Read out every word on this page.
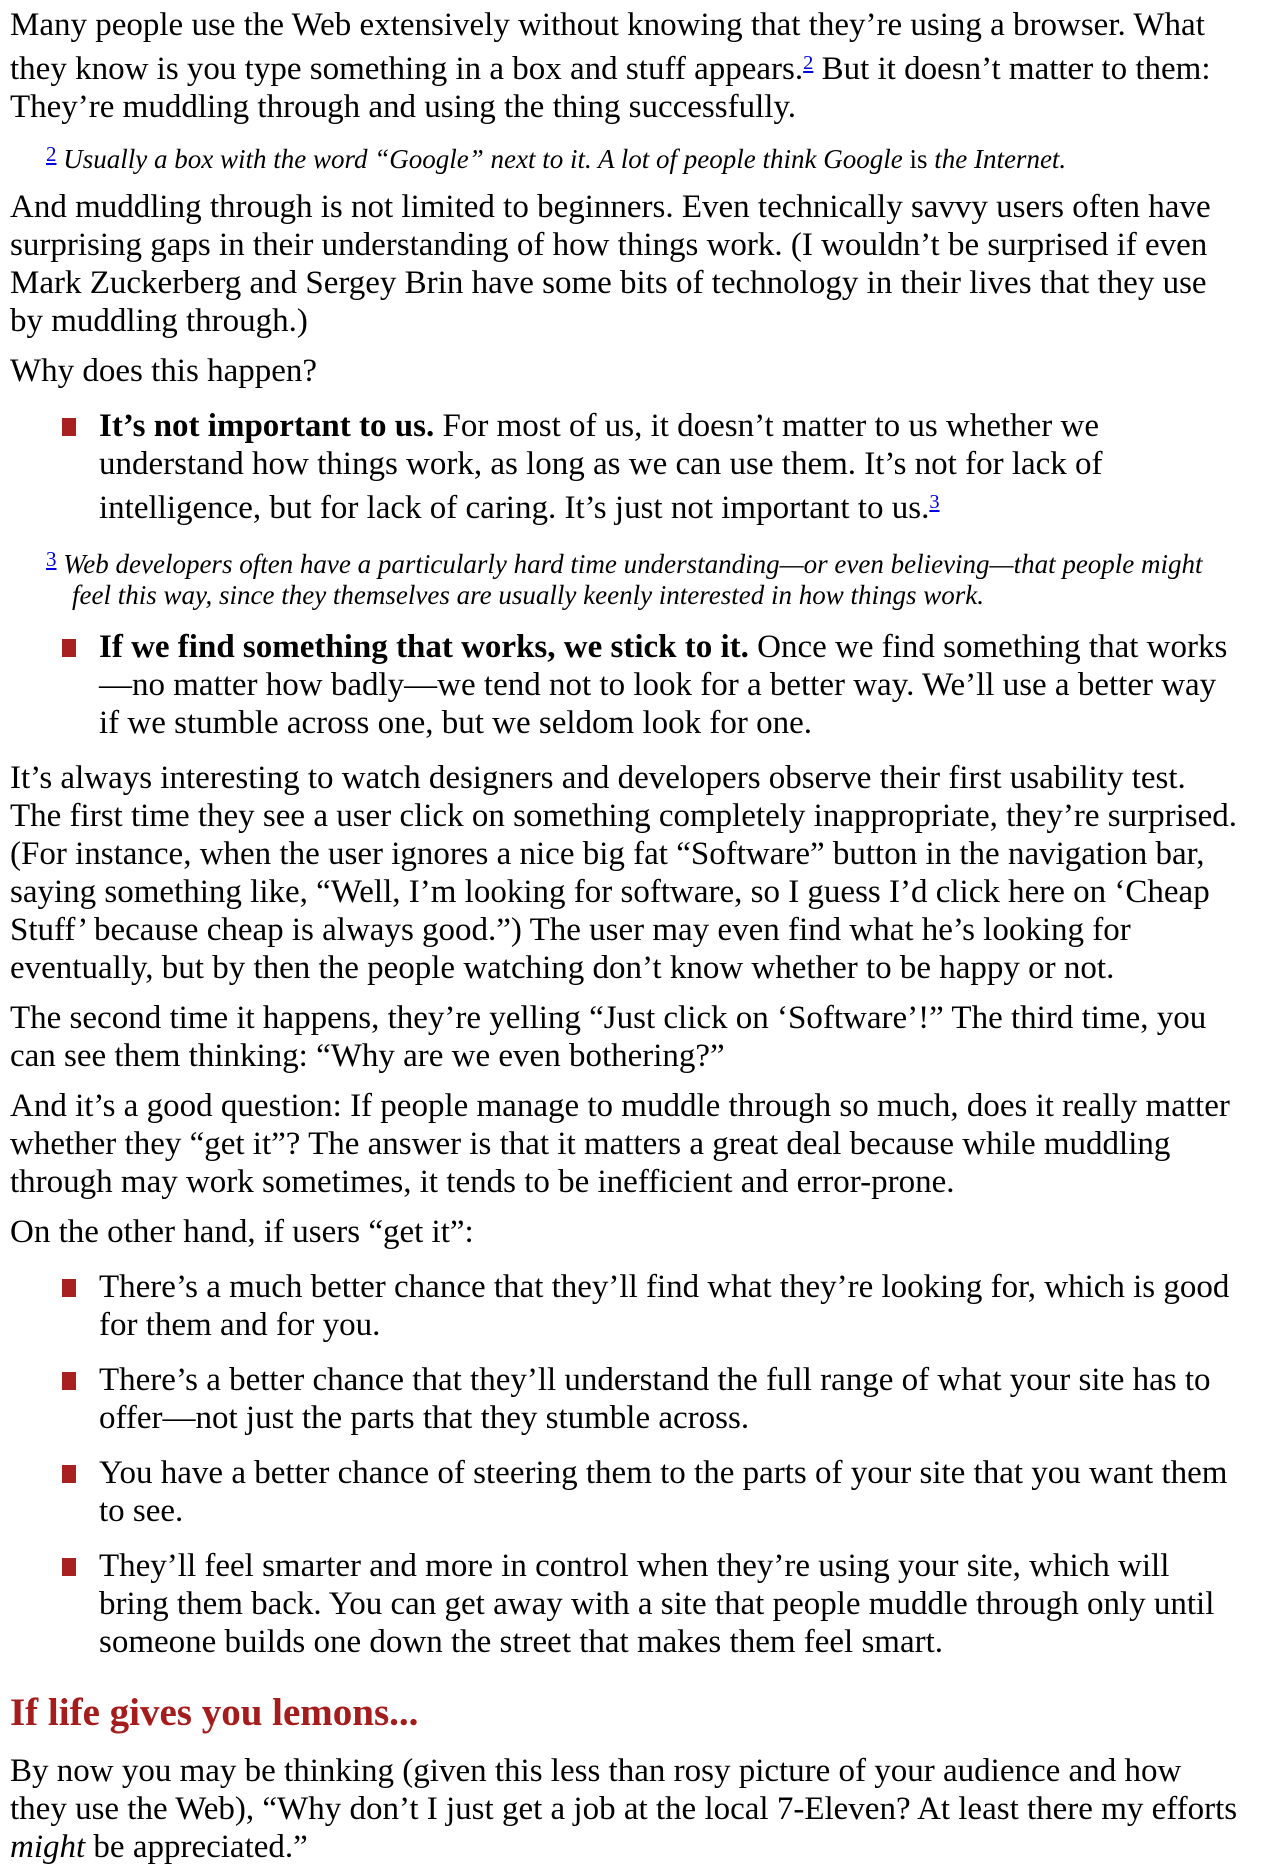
Many people use the Web extensively without knowing that they’re using a browser. What they know is you type something in a box and stuff appears.$^2$ But it doesn’t matter to them: They’re muddling through and using the thing successfully.

$^2$ Usually a box with the word “Google” next to it. A lot of people think Google is the Internet.

And muddling through is not limited to beginners. Even technically savvy users often have surprising gaps in their understanding of how things work. (I wouldn’t be surprised if even Mark Zuckerberg and Sergey Brin have some bits of technology in their lives that they use by muddling through.)

Why does this happen?

It’s not important to us. For most of us, it doesn’t matter to us whether we understand how things work, as long as we can use them. It’s not for lack of intelligence, but for lack of caring. It’s just not important to us.$^3$
$^3$ Web developers often have a particularly hard time understanding—or even believing—that people might feel this way, since they themselves are usually keenly interested in how things work.
If we find something that works, we stick to it. Once we find something that works—no matter how badly—we tend not to look for a better way. We’ll use a better way if we stumble across one, but we seldom look for one.

It’s always interesting to watch designers and developers observe their first usability test. The first time they see a user click on something completely inappropriate, they’re surprised. (For instance, when the user ignores a nice big fat “Software” button in the navigation bar, saying something like, “Well, I’m looking for software, so I guess I’d click here on ‘Cheap Stuff’ because cheap is always good.”) The user may even find what he’s looking for eventually, but by then the people watching don’t know whether to be happy or not.

The second time it happens, they’re yelling “Just click on ‘Software’!” The third time, you can see them thinking: “Why are we even bothering?”

And it’s a good question: If people manage to muddle through so much, does it really matter whether they “get it”? The answer is that it matters a great deal because while muddling through may work sometimes, it tends to be inefficient and error-prone.

On the other hand, if users “get it”:

There’s a much better chance that they’ll find what they’re looking for, which is good for them and for you.
There’s a better chance that they’ll understand the full range of what your site has to offer—not just the parts that they stumble across.
You have a better chance of steering them to the parts of your site that you want them to see.
They’ll feel smarter and more in control when they’re using your site, which will bring them back. You can get away with a site that people muddle through only until someone builds one down the street that makes them feel smart.
If life gives you lemons...

By now you may be thinking (given this less than rosy picture of your audience and how they use the Web), “Why don’t I just get a job at the local 7-Eleven? At least there my efforts might be appreciated.”
